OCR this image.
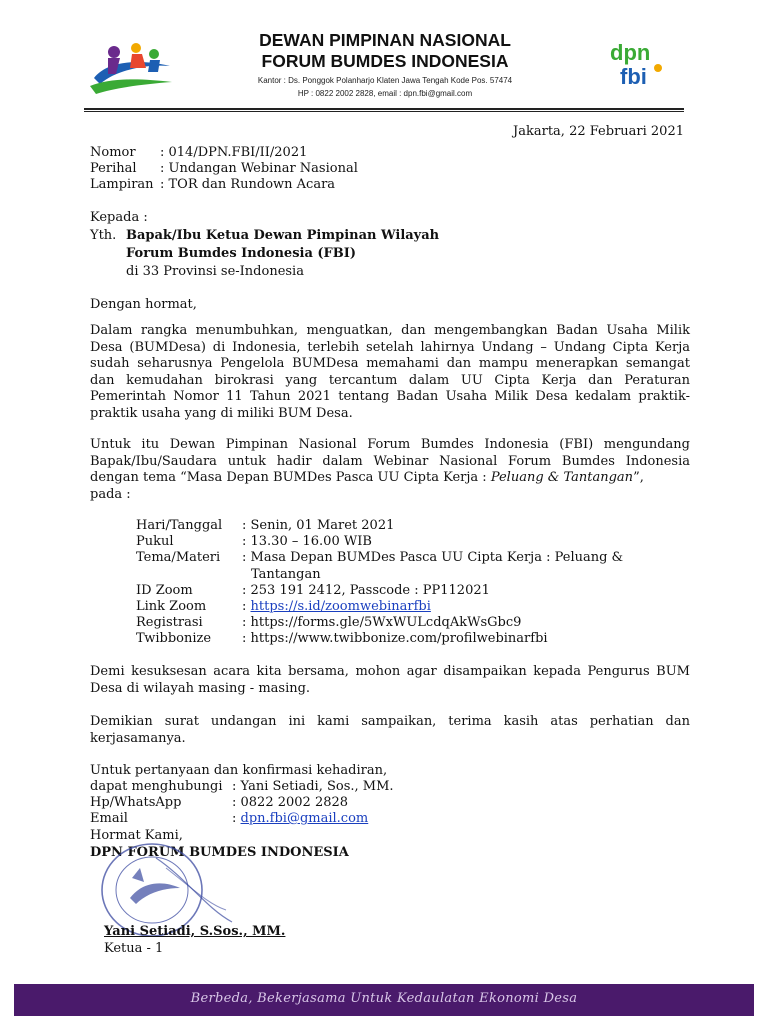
DEWAN PIMPINAN NASIONAL
FORUM BUMDES INDONESIA
Kantor : Ds. Ponggok Polanharjo Klaten Jawa Tengah Kode Pos. 57474
HP : 0822 2002 2828, email : dpn.fbi@gmail.com
dpn
fbi
Jakarta, 22 Februari 2021
Nomor : 014/DPN.FBI/II/2021
Perihal : Undangan Webinar Nasional
Lampiran : TOR dan Rundown Acara
Kepada :
Yth. Bapak/Ibu Ketua Dewan Pimpinan Wilayah
Forum Bumdes Indonesia (FBI)
di 33 Provinsi se-Indonesia
Dengan hormat,
Dalam rangka menumbuhkan, menguatkan, dan mengembangkan Badan Usaha Milik
Desa (BUMDesa) di Indonesia, terlebih setelah lahirnya Undang – Undang Cipta Kerja
sudah seharusnya Pengelola BUMDesa memahami dan mampu menerapkan semangat
dan kemudahan birokrasi yang tercantum dalam UU Cipta Kerja dan Peraturan
Pemerintah Nomor 11 Tahun 2021 tentang Badan Usaha Milik Desa kedalam praktik-
praktik usaha yang di miliki BUM Desa.
Untuk itu Dewan Pimpinan Nasional Forum Bumdes Indonesia (FBI) mengundang
Bapak/Ibu/Saudara untuk hadir dalam Webinar Nasional Forum Bumdes Indonesia
dengan tema “Masa Depan BUMDes Pasca UU Cipta Kerja : Peluang & Tantangan”,
pada :
Hari/Tanggal : Senin, 01 Maret 2021
Pukul	: 13.30 – 16.00 WIB
Tema/Materi : Masa Depan BUMDes Pasca UU Cipta Kerja : Peluang &
Tantangan
ID Zoom	: 253 191 2412, Passcode : PP112021
Link Zoom	: https://s.id/zoomwebinarfbi
Registrasi	: https://forms.gle/5WxWULcdqAkWsGbc9
Twibbonize : https://www.twibbonize.com/profilwebinarfbi
Demi kesuksesan acara kita bersama, mohon agar disampaikan kepada Pengurus BUM
Desa di wilayah masing - masing.
Demikian surat undangan ini kami sampaikan, terima kasih atas perhatian dan
kerjasamanya.
Untuk pertanyaan dan konfirmasi kehadiran,
dapat menghubungi : Yani Setiadi, Sos., MM.
Hp/WhatsApp	: 0822 2002 2828
Email	: dpn.fbi@gmail.com
Hormat Kami,
DPN FORUM BUMDES INDONESIA
Yani Setiadi, S.Sos., MM.
Ketua - 1
Berbeda, Bekerjasama Untuk Kedaulatan Ekonomi Desa
